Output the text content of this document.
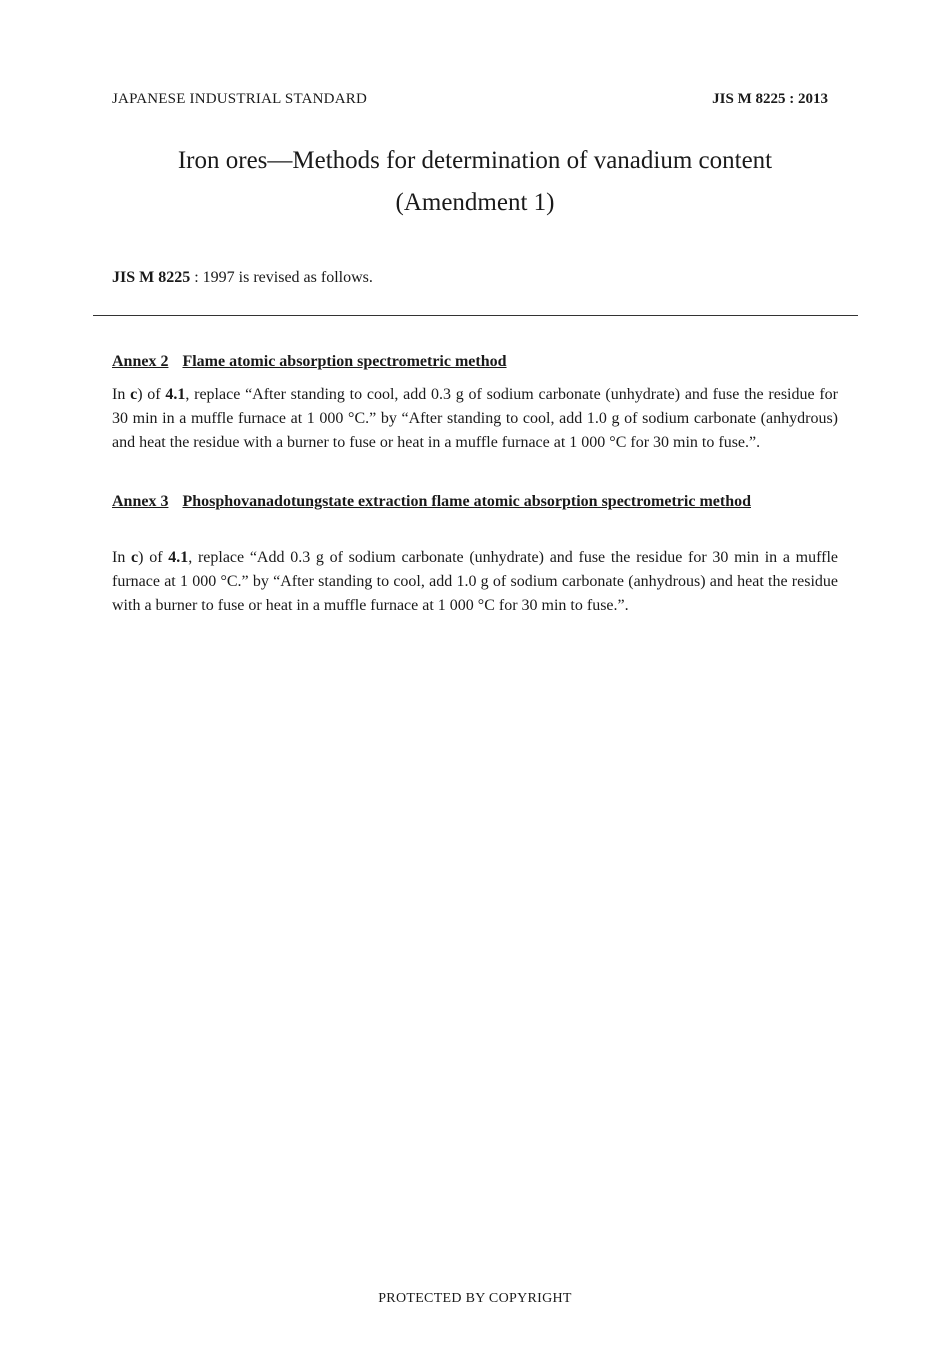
JAPANESE INDUSTRIAL STANDARD	JIS M 8225 : 2013
Iron ores—Methods for determination of vanadium content
(Amendment 1)
JIS M 8225 : 1997 is revised as follows.
Annex 2 Flame atomic absorption spectrometric method
In c) of 4.1, replace “After standing to cool, add 0.3 g of sodium carbonate (unhydrate) and fuse the residue for 30 min in a muffle furnace at 1 000 °C.” by “After standing to cool, add 1.0 g of sodium carbonate (anhydrous) and heat the residue with a burner to fuse or heat in a muffle furnace at 1 000 °C for 30 min to fuse.”.
Annex 3 Phosphovanadotungstate extraction flame atomic absorption spectrometric method
In c) of 4.1, replace “Add 0.3 g of sodium carbonate (unhydrate) and fuse the residue for 30 min in a muffle furnace at 1 000 °C.” by “After standing to cool, add 1.0 g of sodium carbonate (anhydrous) and heat the residue with a burner to fuse or heat in a muffle furnace at 1 000 °C for 30 min to fuse.”.
PROTECTED BY COPYRIGHT
